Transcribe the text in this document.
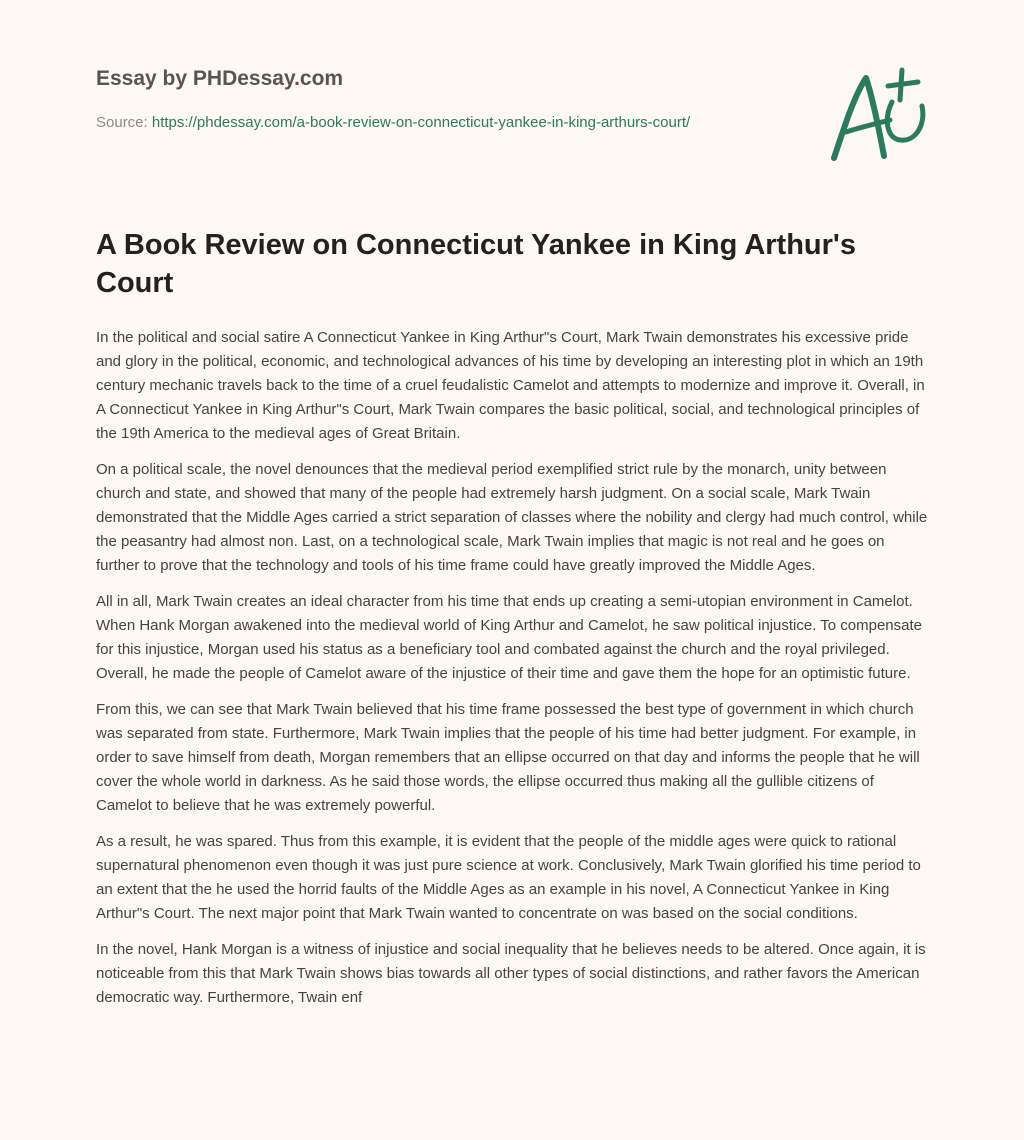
Essay by PHDessay.com
Source: https://phdessay.com/a-book-review-on-connecticut-yankee-in-king-arthurs-court/
A Book Review on Connecticut Yankee in King Arthur's Court

In the political and social satire A Connecticut Yankee in King Arthur"s Court, Mark Twain demonstrates his excessive pride and glory in the political, economic, and technological advances of his time by developing an interesting plot in which an 19th century mechanic travels back to the time of a cruel feudalistic Camelot and attempts to modernize and improve it. Overall, in A Connecticut Yankee in King Arthur"s Court, Mark Twain compares the basic political, social, and technological principles of the 19th America to the medieval ages of Great Britain.

On a political scale, the novel denounces that the medieval period exemplified strict rule by the monarch, unity between church and state, and showed that many of the people had extremely harsh judgment. On a social scale, Mark Twain demonstrated that the Middle Ages carried a strict separation of classes where the nobility and clergy had much control, while the peasantry had almost non. Last, on a technological scale, Mark Twain implies that magic is not real and he goes on further to prove that the technology and tools of his time frame could have greatly improved the Middle Ages.

All in all, Mark Twain creates an ideal character from his time that ends up creating a semi-utopian environment in Camelot. When Hank Morgan awakened into the medieval world of King Arthur and Camelot, he saw political injustice. To compensate for this injustice, Morgan used his status as a beneficiary tool and combated against the church and the royal privileged. Overall, he made the people of Camelot aware of the injustice of their time and gave them the hope for an optimistic future.

From this, we can see that Mark Twain believed that his time frame possessed the best type of government in which church was separated from state. Furthermore, Mark Twain implies that the people of his time had better judgment. For example, in order to save himself from death, Morgan remembers that an ellipse occurred on that day and informs the people that he will cover the whole world in darkness. As he said those words, the ellipse occurred thus making all the gullible citizens of Camelot to believe that he was extremely powerful.

As a result, he was spared. Thus from this example, it is evident that the people of the middle ages were quick to rational supernatural phenomenon even though it was just pure science at work. Conclusively, Mark Twain glorified his time period to an extent that the he used the horrid faults of the Middle Ages as an example in his novel, A Connecticut Yankee in King Arthur"s Court. The next major point that Mark Twain wanted to concentrate on was based on the social conditions.

In the novel, Hank Morgan is a witness of injustice and social inequality that he believes needs to be altered. Once again, it is noticeable from this that Mark Twain shows bias towards all other types of social distinctions, and rather favors the American democratic way. Furthermore, Twain enf
